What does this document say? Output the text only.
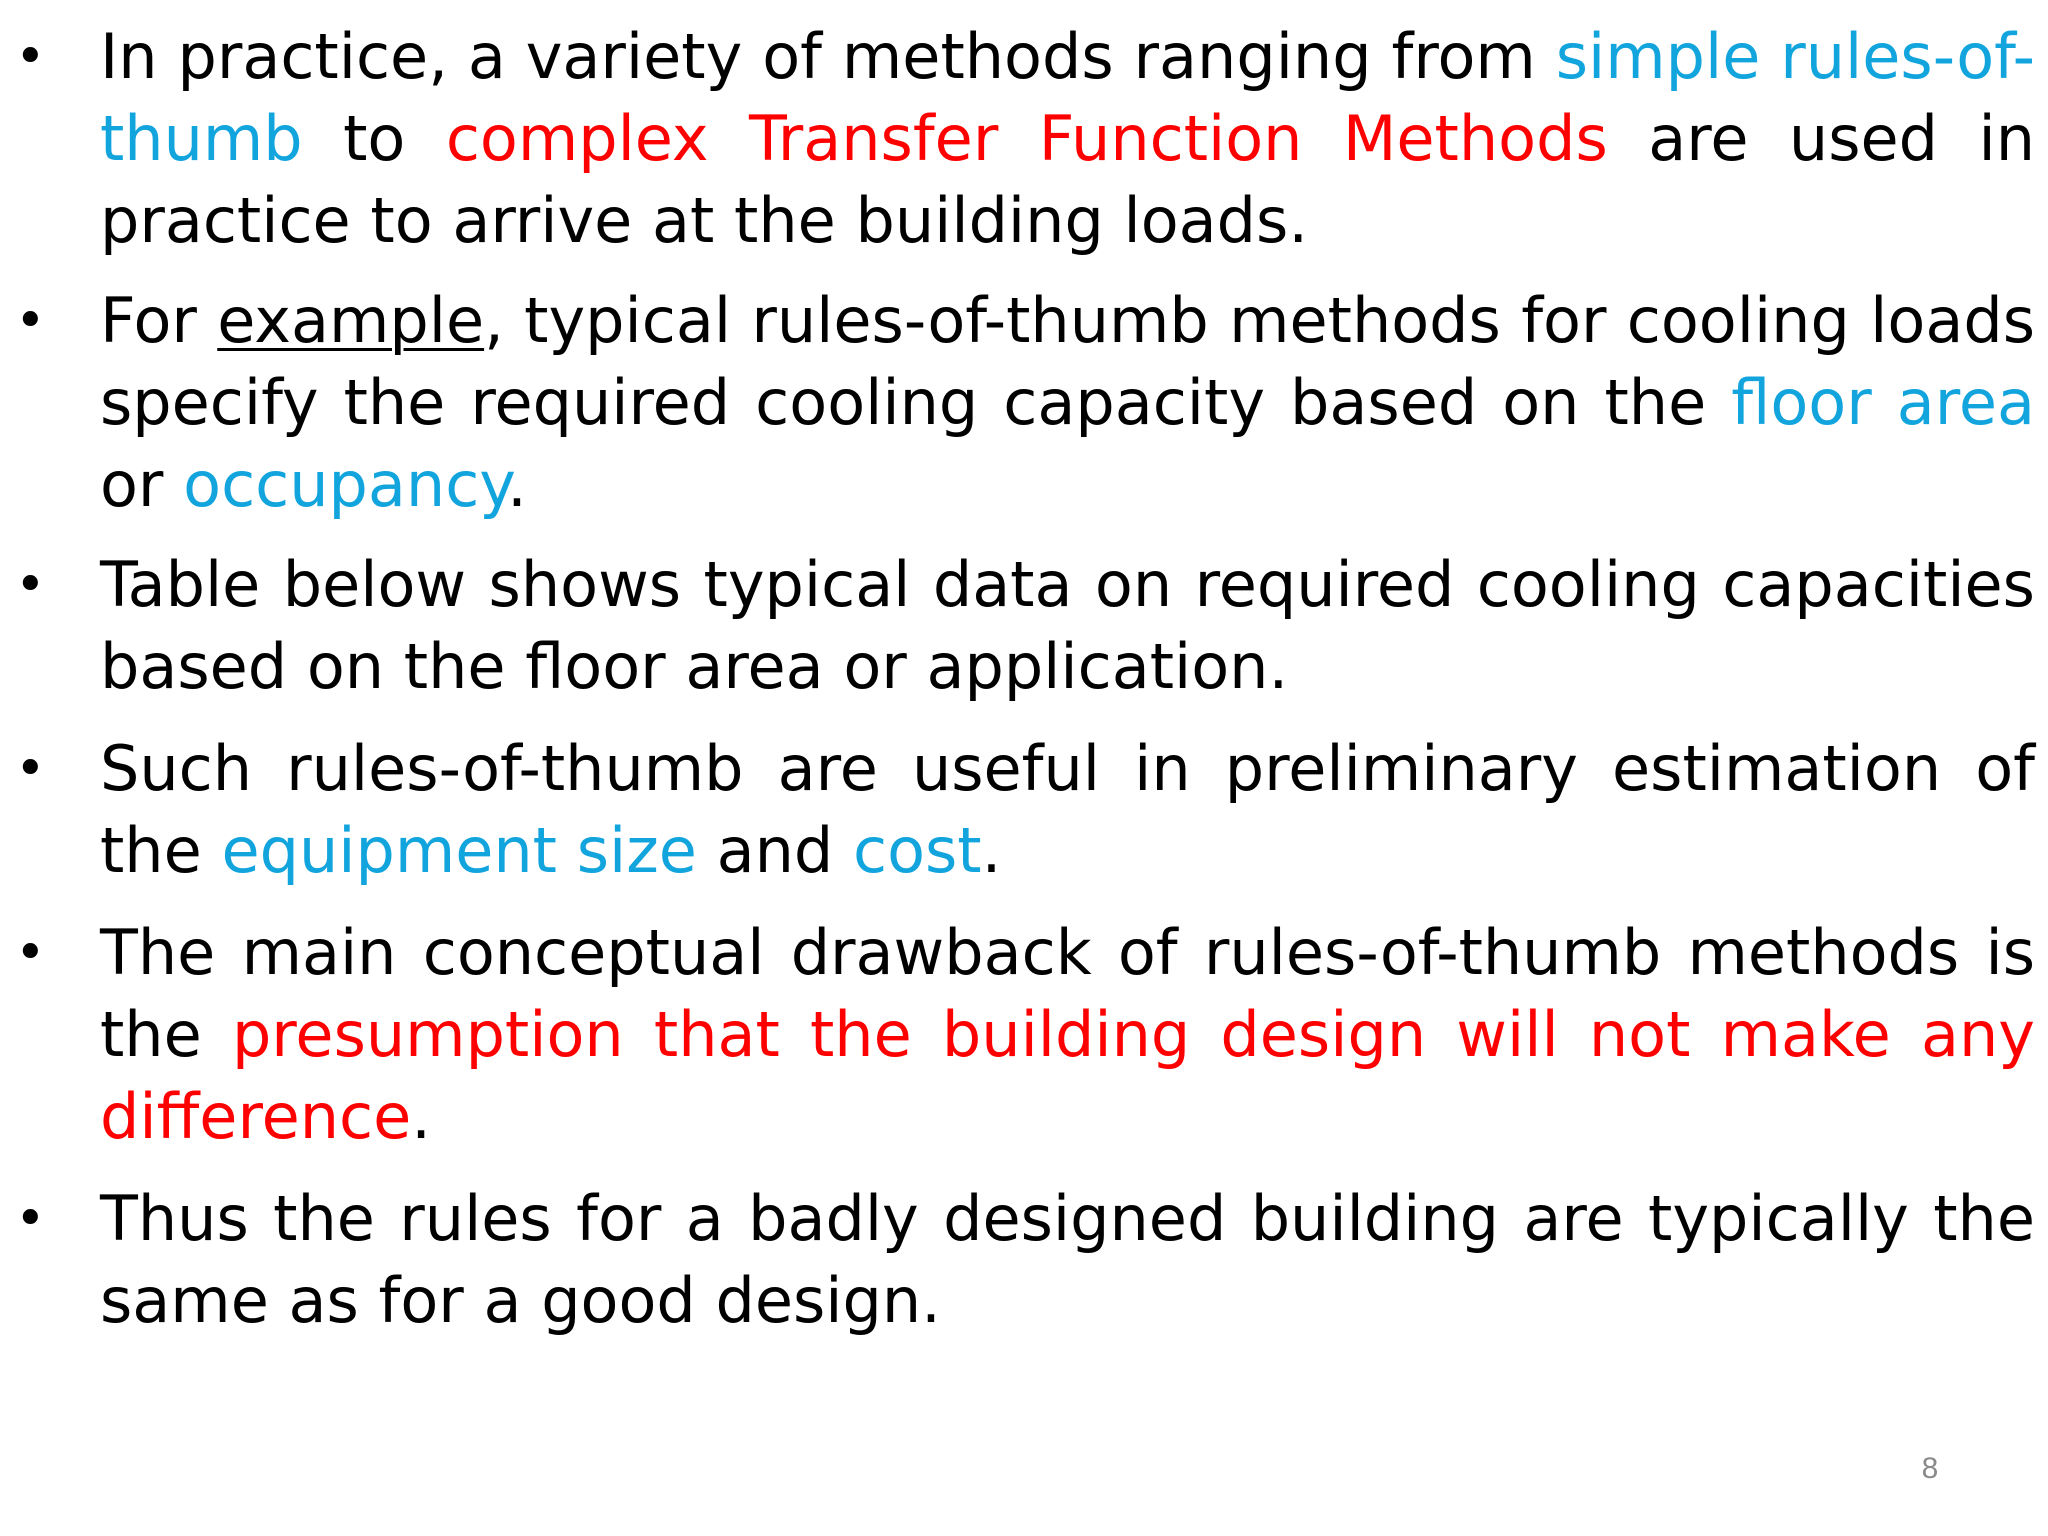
• In practice, a variety of methods ranging from simple rules-of-thumb to complex Transfer Function Methods are used in practice to arrive at the building loads.
• For example, typical rules-of-thumb methods for cooling loads specify the required cooling capacity based on the floor area or occupancy.
• Table below shows typical data on required cooling capacities based on the floor area or application.
• Such rules-of-thumb are useful in preliminary estimation of the equipment size and cost.
• The main conceptual drawback of rules-of-thumb methods is the presumption that the building design will not make any difference.
• Thus the rules for a badly designed building are typically the same as for a good design.
8
